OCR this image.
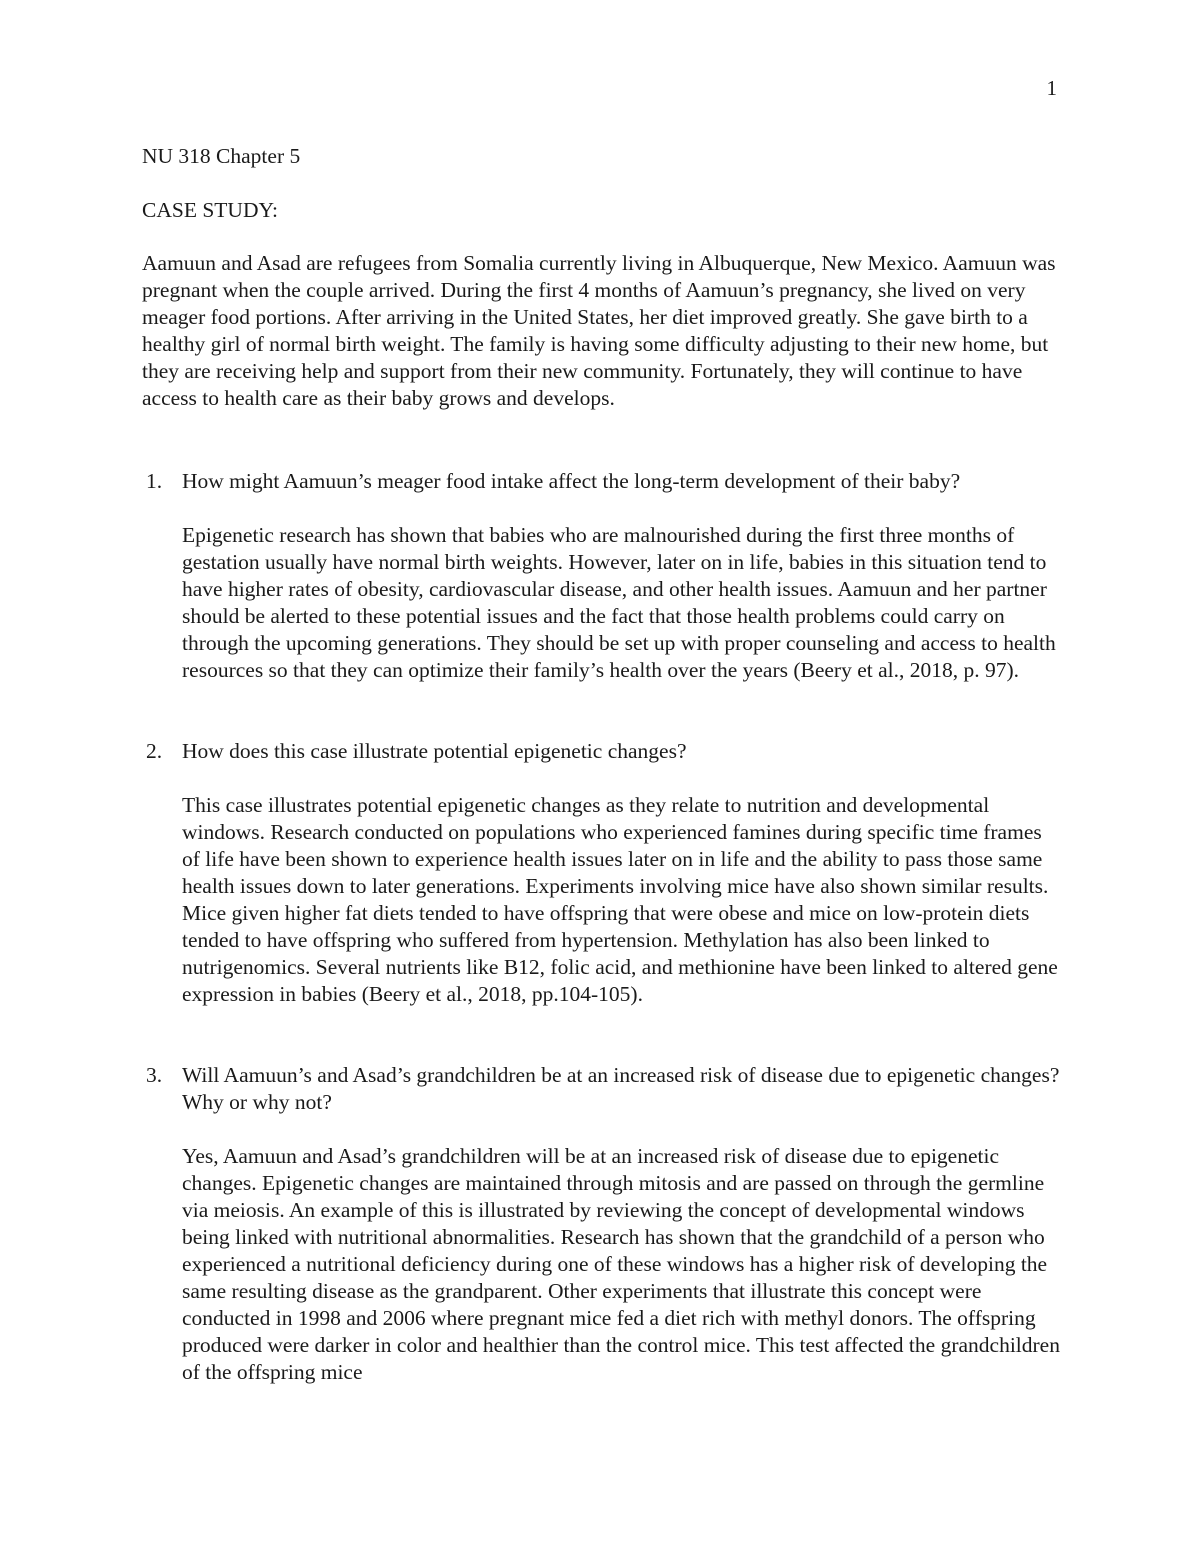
1
NU 318 Chapter 5
CASE STUDY:

Aamuun and Asad are refugees from Somalia currently living in Albuquerque, New Mexico. Aamuun was pregnant when the couple arrived. During the first 4 months of Aamuun’s pregnancy, she lived on very meager food portions. After arriving in the United States, her diet improved greatly. She gave birth to a healthy girl of normal birth weight. The family is having some difficulty adjusting to their new home, but they are receiving help and support from their new community. Fortunately, they will continue to have access to health care as their baby grows and develops.

1. How might Aamuun’s meager food intake affect the long-term development of their baby?

Epigenetic research has shown that babies who are malnourished during the first three months of gestation usually have normal birth weights. However, later on in life, babies in this situation tend to have higher rates of obesity, cardiovascular disease, and other health issues. Aamuun and her partner should be alerted to these potential issues and the fact that those health problems could carry on through the upcoming generations. They should be set up with proper counseling and access to health resources so that they can optimize their family’s health over the years (Beery et al., 2018, p. 97).

2. How does this case illustrate potential epigenetic changes?

This case illustrates potential epigenetic changes as they relate to nutrition and developmental windows. Research conducted on populations who experienced famines during specific time frames of life have been shown to experience health issues later on in life and the ability to pass those same health issues down to later generations. Experiments involving mice have also shown similar results. Mice given higher fat diets tended to have offspring that were obese and mice on low-protein diets tended to have offspring who suffered from hypertension. Methylation has also been linked to nutrigenomics. Several nutrients like B12, folic acid, and methionine have been linked to altered gene expression in babies (Beery et al., 2018, pp.104-105).

3. Will Aamuun’s and Asad’s grandchildren be at an increased risk of disease due to epigenetic changes? Why or why not?

Yes, Aamuun and Asad’s grandchildren will be at an increased risk of disease due to epigenetic changes. Epigenetic changes are maintained through mitosis and are passed on through the germline via meiosis. An example of this is illustrated by reviewing the concept of developmental windows being linked with nutritional abnormalities. Research has shown that the grandchild of a person who experienced a nutritional deficiency during one of these windows has a higher risk of developing the same resulting disease as the grandparent. Other experiments that illustrate this concept were conducted in 1998 and 2006 where pregnant mice fed a diet rich with methyl donors. The offspring produced were darker in color and healthier than the control mice. This test affected the grandchildren of the offspring mice
